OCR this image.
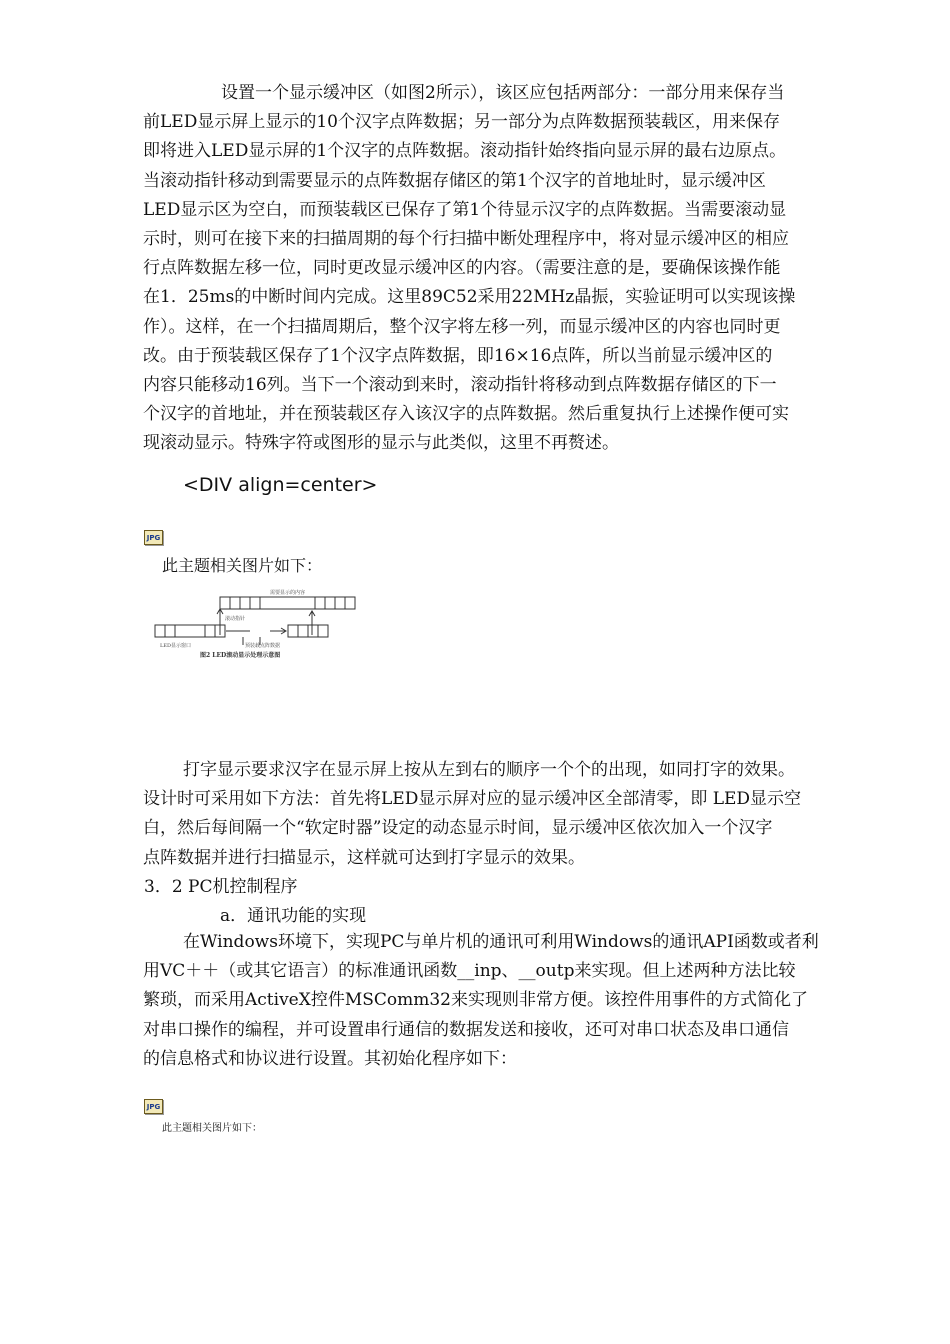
设置一个显示缓冲区（如图2所示），该区应包括两部分：一部分用来保存当
前LED显示屏上显示的10个汉字点阵数据；另一部分为点阵数据预装载区，用来保存
即将进入LED显示屏的1个汉字的点阵数据。滚动指针始终指向显示屏的最右边原点。
当滚动指针移动到需要显示的点阵数据存储区的第1个汉字的首地址时，显示缓冲区
LED显示区为空白，而预装载区已保存了第1个待显示汉字的点阵数据。当需要滚动显
示时，则可在接下来的扫描周期的每个行扫描中断处理程序中，将对显示缓冲区的相应
行点阵数据左移一位，同时更改显示缓冲区的内容。（需要注意的是，要确保该操作能
在1．25ms的中断时间内完成。这里89C52采用22MHz晶振，实验证明可以实现该操
作）。这样，在一个扫描周期后，整个汉字将左移一列，而显示缓冲区的内容也同时更
改。由于预装载区保存了1个汉字点阵数据，即16×16点阵，所以当前显示缓冲区的
内容只能移动16列。当下一个滚动到来时，滚动指针将移动到点阵数据存储区的下一
个汉字的首地址，并在预装载区存入该汉字的点阵数据。然后重复执行上述操作便可实
现滚动显示。特殊字符或图形的显示与此类似，这里不再赘述。

<DIV align=center>

JPG

此主题相关图片如下：

需要显示的内容
滚动指针
LED显示窗口	预装载点阵数据
图2 LED滚动显示处理示意图
打字显示要求汉字在显示屏上按从左到右的顺序一个个的出现，如同打字的效果。
设计时可采用如下方法：首先将LED显示屏对应的显示缓冲区全部清零，即 LED显示空
白，然后每间隔一个“软定时器”设定的动态显示时间，显示缓冲区依次加入一个汉字
点阵数据并进行扫描显示，这样就可达到打字显示的效果。

3．2 PC机控制程序

a．通讯功能的实现

在Windows环境下，实现PC与单片机的通讯可利用Windows的通讯API函数或者利
用VC＋＋（或其它语言）的标准通讯函数__inp、__outp来实现。但上述两种方法比较
繁琐，而采用ActiveX控件MSComm32来实现则非常方便。该控件用事件的方式简化了
对串口操作的编程，并可设置串行通信的数据发送和接收，还可对串口状态及串口通信
的信息格式和协议进行设置。其初始化程序如下：
JPG

此主题相关图片如下：
